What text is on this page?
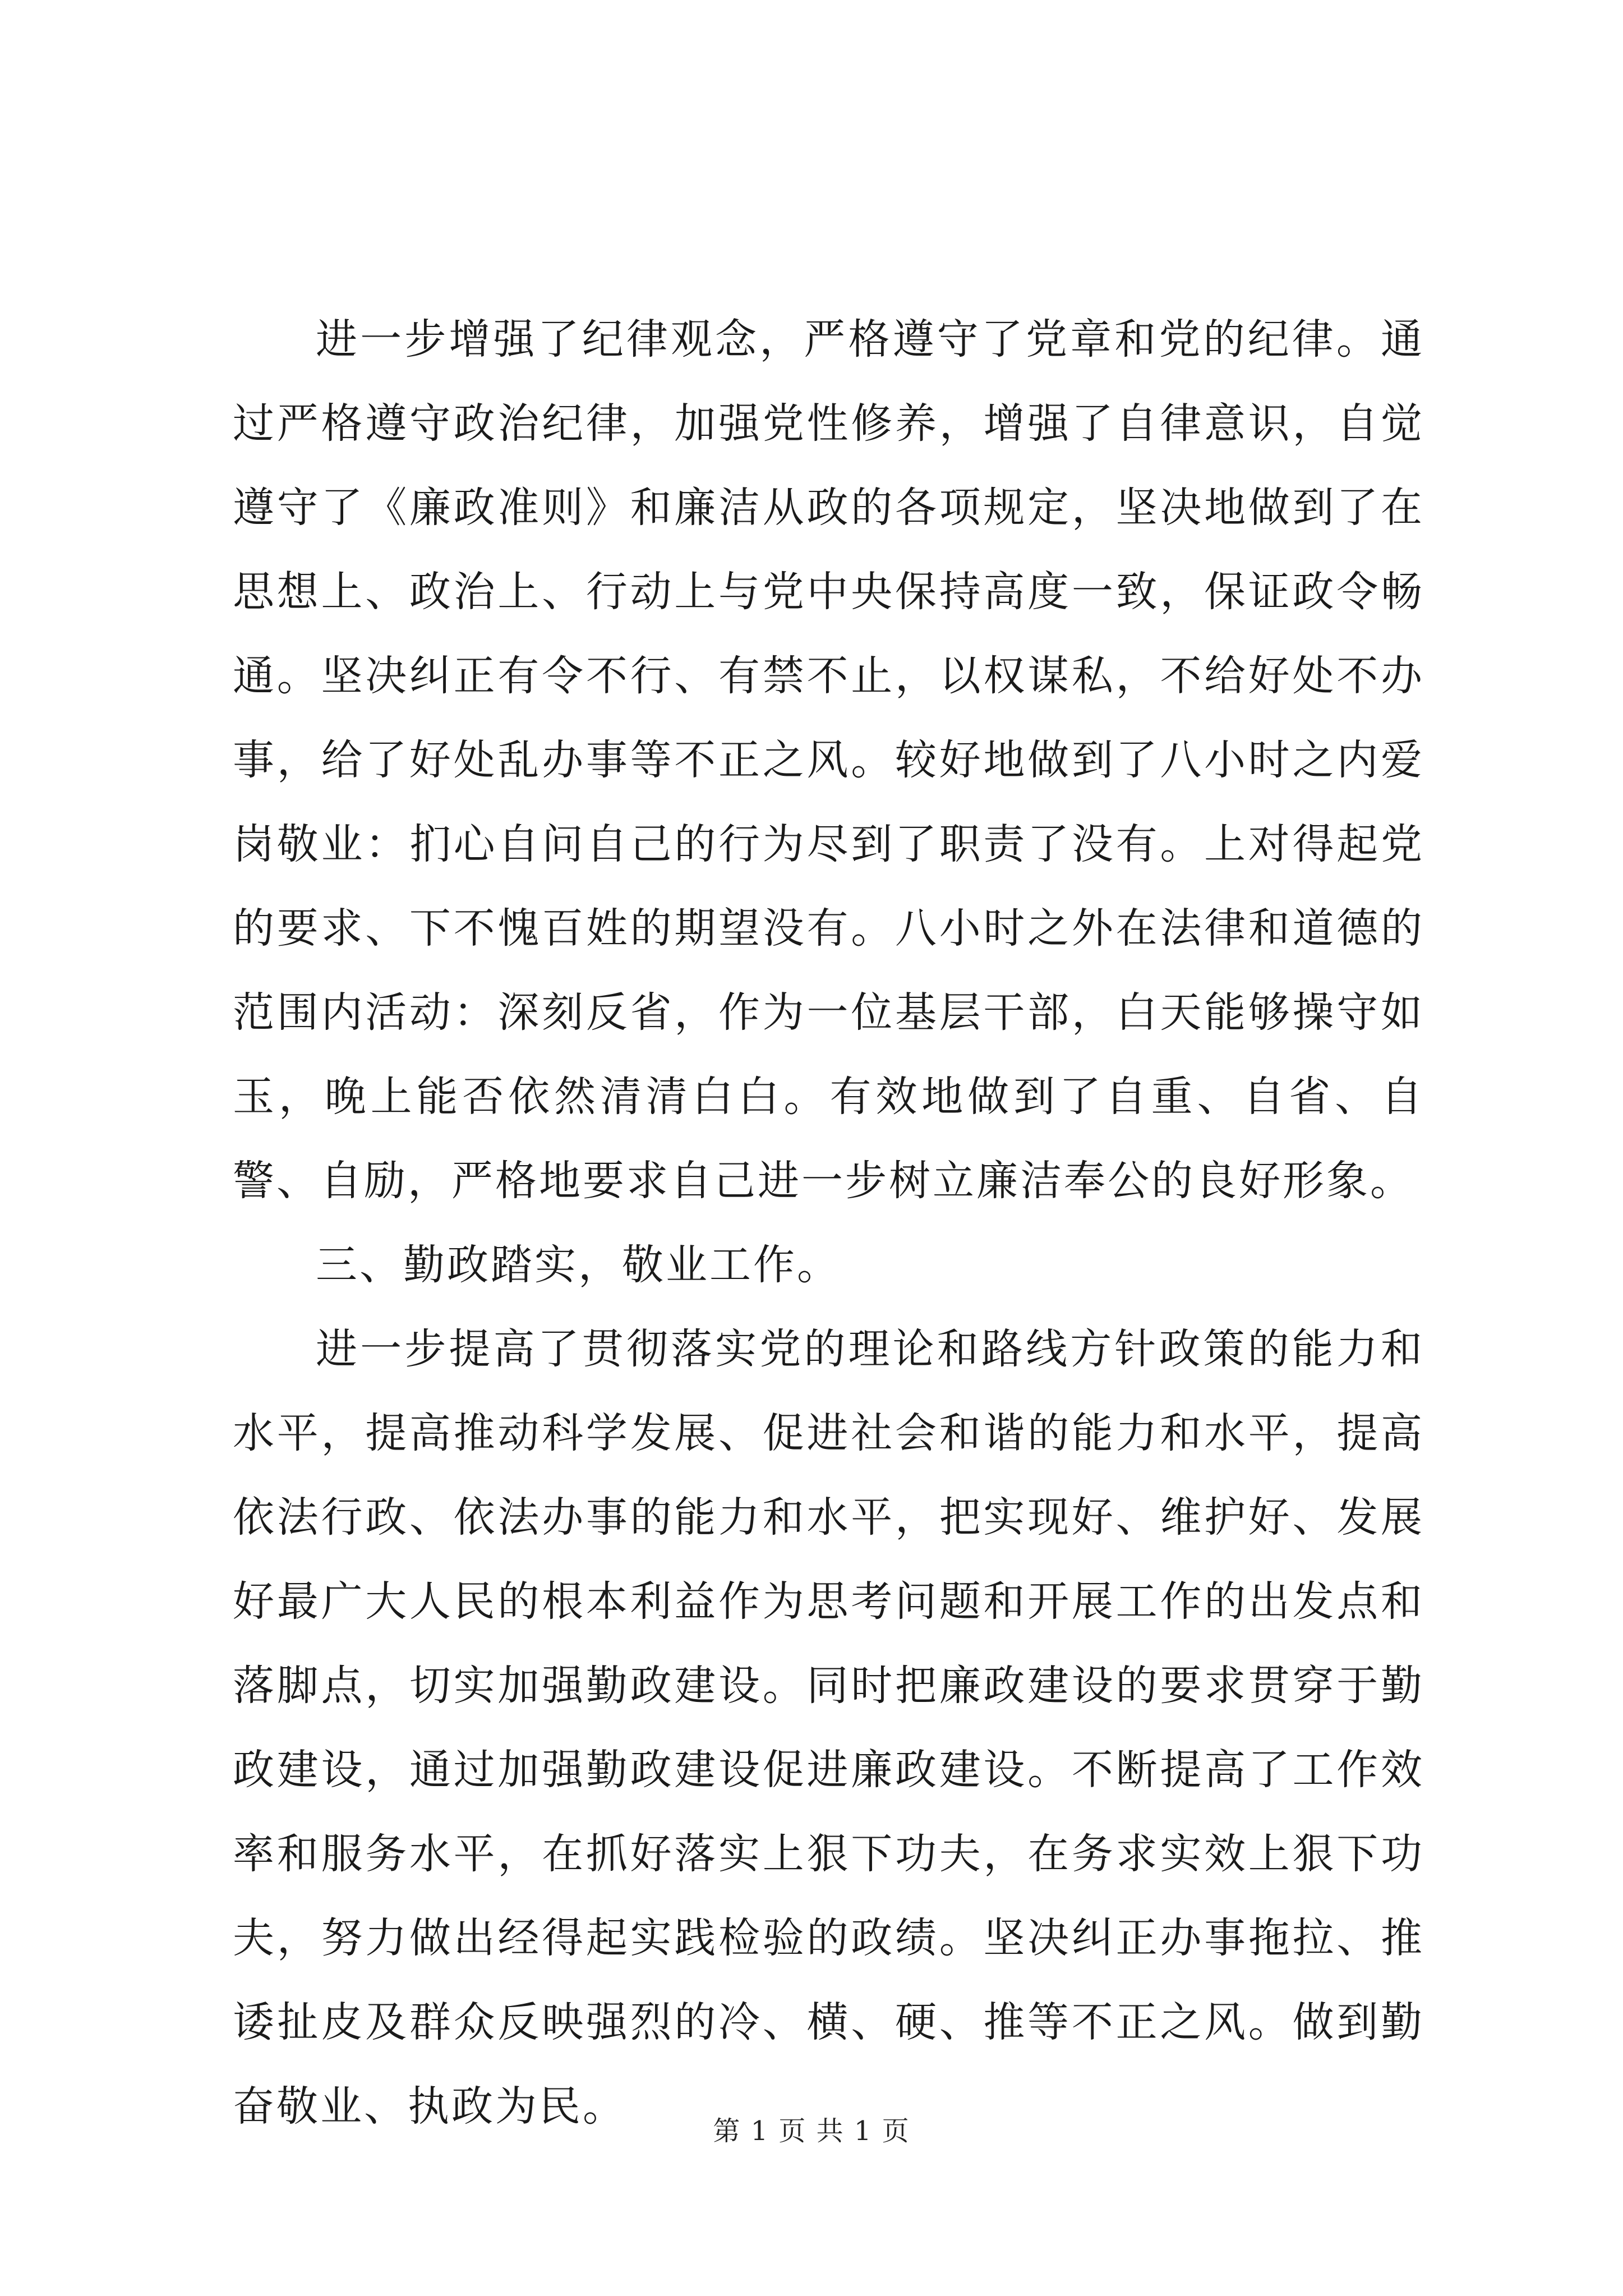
进一步增强了纪律观念，严格遵守了党章和党的纪律。通过严格遵守政治纪律，加强党性修养，增强了自律意识，自觉遵守了《廉政准则》和廉洁从政的各项规定，坚决地做到了在思想上、政治上、行动上与党中央保持高度一致，保证政令畅通。坚决纠正有令不行、有禁不止，以权谋私，不给好处不办事，给了好处乱办事等不正之风。较好地做到了八小时之内爱岗敬业：扪心自问自己的行为尽到了职责了没有。上对得起党的要求、下不愧百姓的期望没有。八小时之外在法律和道德的范围内活动：深刻反省，作为一位基层干部，白天能够操守如玉，晚上能否依然清清白白。有效地做到了自重、自省、自警、自励，严格地要求自己进一步树立廉洁奉公的良好形象。

三、勤政踏实，敬业工作。

进一步提高了贯彻落实党的理论和路线方针政策的能力和水平，提高推动科学发展、促进社会和谐的能力和水平，提高依法行政、依法办事的能力和水平，把实现好、维护好、发展好最广大人民的根本利益作为思考问题和开展工作的出发点和落脚点，切实加强勤政建设。同时把廉政建设的要求贯穿于勤政建设，通过加强勤政建设促进廉政建设。不断提高了工作效率和服务水平，在抓好落实上狠下功夫，在务求实效上狠下功夫，努力做出经得起实践检验的政绩。坚决纠正办事拖拉、推诿扯皮及群众反映强烈的冷、横、硬、推等不正之风。做到勤奋敬业、执政为民。

第 1 页 共 1 页
